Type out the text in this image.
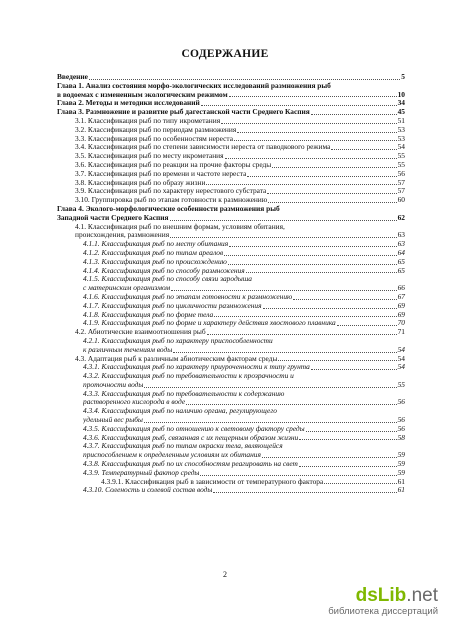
СОДЕРЖАНИЕ
Введение	5
Глава 1. Анализ состояния морфо-экологических исследований размножения рыб
в водоемах с измененным экологическим режимом	10
Глава 2. Методы и методики исследований	34
Глава 3. Размножение и развитие рыб дагестанской части Среднего Каспия	45
3.1. Классификация рыб по типу икрометания	51
3.2. Классификация рыб по периодам размножения	53
3.3. Классификация рыб по особенностям нереста	53
3.4. Классификация рыб по степени зависимости нереста от паводкового режима	54
3.5. Классификация рыб по месту икрометания	55
3.6. Классификация рыб по реакции на прочие факторы среды	55
3.7. Классификация рыб по времени и частоте нереста	56
3.8. Классификация рыб по образу жизни	57
3.9. Классификация рыб по характеру нерестового субстрата	57
3.10. Группировка рыб по этапам готовности к размножению	60
Глава 4. Эколого-морфологические особенности размножения рыб
Западной части Среднего Каспия	62
4.1. Классификация рыб по внешним формам, условиям обитания,
происхождения, размножения	63
4.1.1. Классификация рыб по месту обитания	63
4.1.2. Классификация рыб по типам ареалов	64
4.1.3. Классификация рыб по происхождению	65
4.1.4. Классификация рыб по способу размножения	65
4.1.5. Классификация рыб по способу связи зародыша
с материнским организмом	66
4.1.6. Классификация рыб по этапам готовности к размножению	67
4.1.7. Классификация рыб по цикличности размножения	69
4.1.8. Классификация рыб по форме тела	69
4.1.9. Классификация рыб по форме и характеру действия хвостового плавника	70
4.2. Абиотические взаимоотношения рыб	71
4.2.1. Классификация рыб по характеру приспособленности
к различным течениям воды	54
4.3. Адаптация рыб к различным абиотическим факторам среды	54
4.3.1. Классификация рыб по характеру приуроченности к типу грунта	54
4.3.2. Классификация рыб по требовательности к прозрачности и
проточности воды	55
4.3.3. Классификация рыб по требовательности к содержанию
растворенного кислорода в воде	56
4.3.4. Классификация рыб по наличию органа, регулирующего
удельный вес рыбы	56
4.3.5. Классификация рыб по отношению к световому фактору среды	56
4.3.6. Классификация рыб, связанная с их пещерным образом жизни	58
4.3.7. Классификация рыб по типам окраски тела, являющейся
приспособлением к определенным условиям их обитания	59
4.3.8. Классификация рыб по их способностям реагировать на свет	59
4.3.9. Температурный фактор среды	59
4.3.9.1. Классификация рыб в зависимости от температурного фактора	61
4.3.10. Соленость и солевой состав воды	61
2
dsLib.net
библиотека диссертаций
